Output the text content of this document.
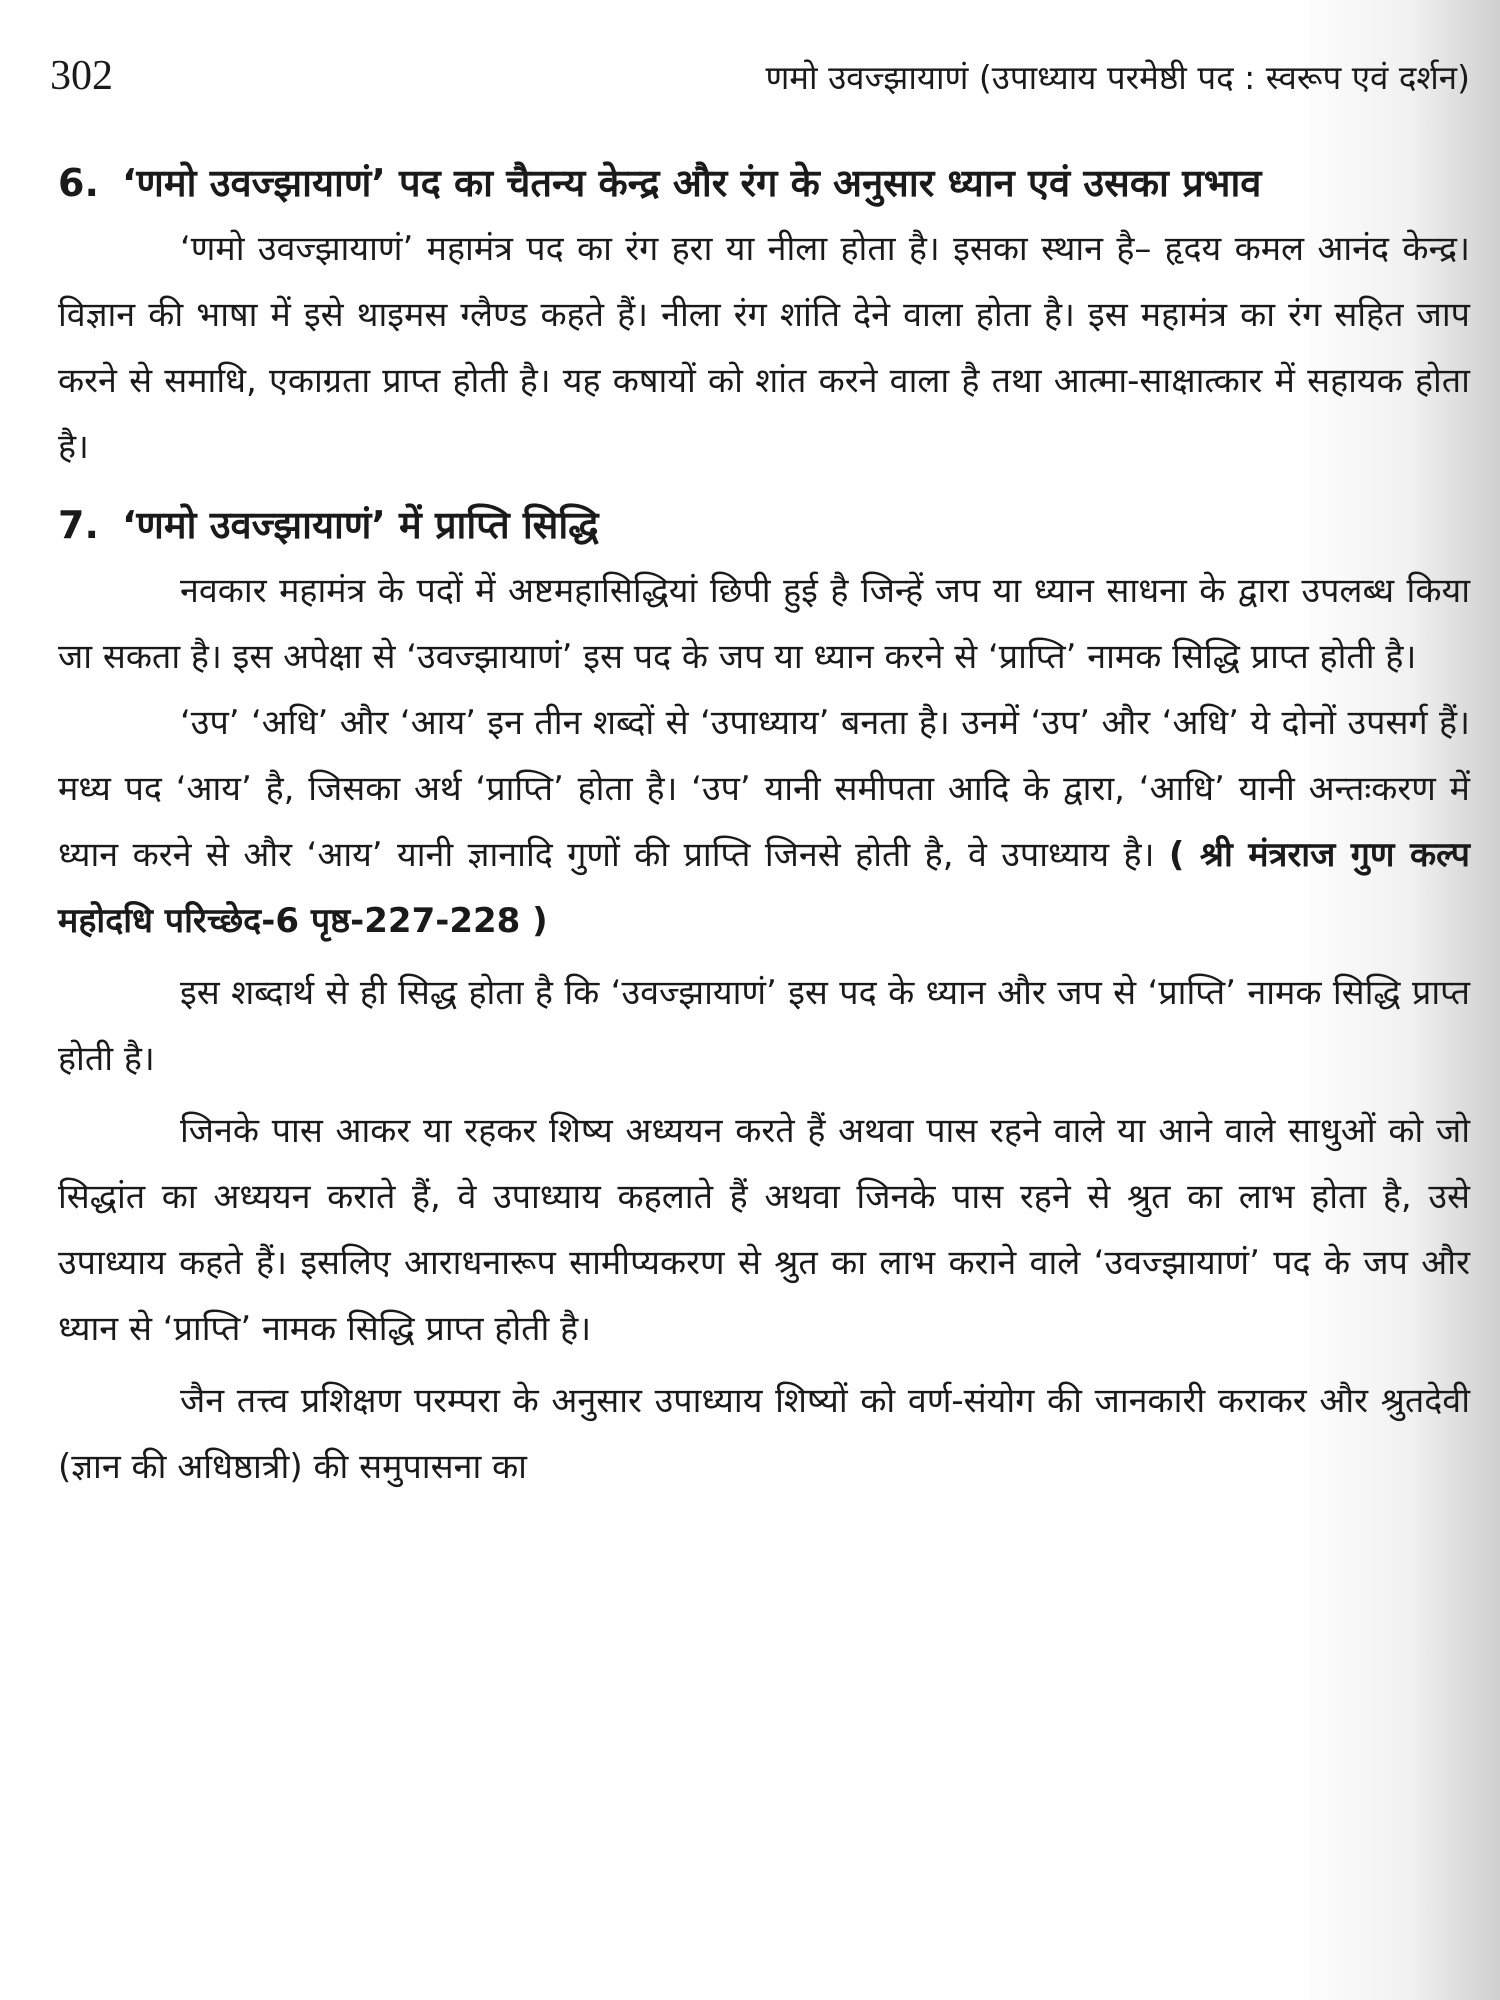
302	णमो उवज्झायाणं (उपाध्याय परमेष्ठी पद : स्वरूप एवं दर्शन)
6. ‘णमो उवज्झायाणं’ पद का चैतन्य केन्द्र और रंग के अनुसार ध्यान एवं उसका प्रभाव

‘णमो उवज्झायाणं’ महामंत्र पद का रंग हरा या नीला होता है। इसका स्थान है– हृदय कमल आनंद केन्द्र। विज्ञान की भाषा में इसे थाइमस ग्लैण्ड कहते हैं। नीला रंग शांति देने वाला होता है। इस महामंत्र का रंग सहित जाप करने से समाधि, एकाग्रता प्राप्त होती है। यह कषायों को शांत करने वाला है तथा आत्मा-साक्षात्कार में सहायक होता है।

7. ‘णमो उवज्झायाणं’ में प्राप्ति सिद्धि

नवकार महामंत्र के पदों में अष्टमहासिद्धियां छिपी हुई है जिन्हें जप या ध्यान साधना के द्वारा उपलब्ध किया जा सकता है। इस अपेक्षा से ‘उवज्झायाणं’ इस पद के जप या ध्यान करने से ‘प्राप्ति’ नामक सिद्धि प्राप्त होती है।

‘उप’ ‘अधि’ और ‘आय’ इन तीन शब्दों से ‘उपाध्याय’ बनता है। उनमें ‘उप’ और ‘अधि’ ये दोनों उपसर्ग हैं। मध्य पद ‘आय’ है, जिसका अर्थ ‘प्राप्ति’ होता है। ‘उप’ यानी समीपता आदि के द्वारा, ‘आधि’ यानी अन्तःकरण में ध्यान करने से और ‘आय’ यानी ज्ञानादि गुणों की प्राप्ति जिनसे होती है, वे उपाध्याय है। ( श्री मंत्रराज गुण कल्प महोदधि परिच्छेद-6 पृष्ठ-227-228 )

इस शब्दार्थ से ही सिद्ध होता है कि ‘उवज्झायाणं’ इस पद के ध्यान और जप से ‘प्राप्ति’ नामक सिद्धि प्राप्त होती है।

जिनके पास आकर या रहकर शिष्य अध्ययन करते हैं अथवा पास रहने वाले या आने वाले साधुओं को जो सिद्धांत का अध्ययन कराते हैं, वे उपाध्याय कहलाते हैं अथवा जिनके पास रहने से श्रुत का लाभ होता है, उसे उपाध्याय कहते हैं। इसलिए आराधनारूप सामीप्यकरण से श्रुत का लाभ कराने वाले ‘उवज्झायाणं’ पद के जप और ध्यान से ‘प्राप्ति’ नामक सिद्धि प्राप्त होती है।

जैन तत्त्व प्रशिक्षण परम्परा के अनुसार उपाध्याय शिष्यों को वर्ण-संयोग की जानकारी कराकर और श्रुतदेवी (ज्ञान की अधिष्ठात्री) की समुपासना का
